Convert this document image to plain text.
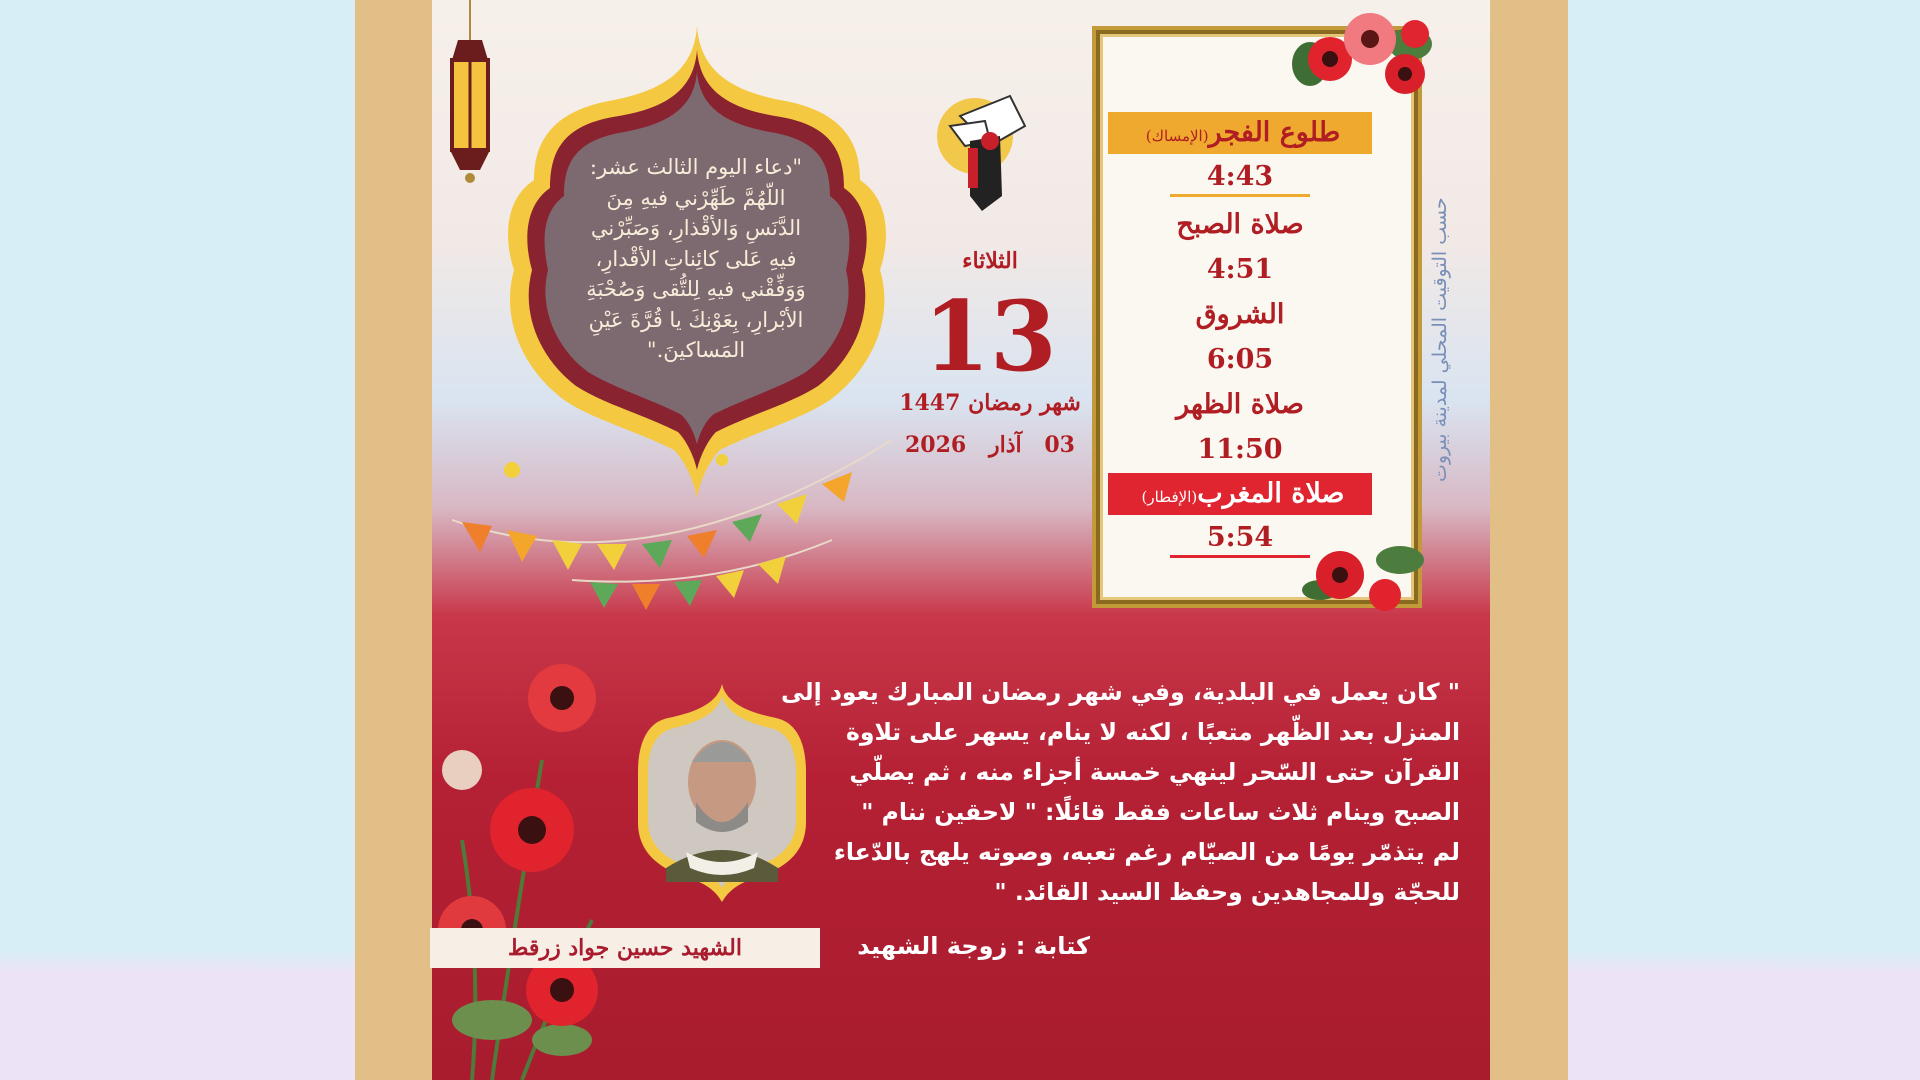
حسب التوقيت المحلي لمدينة بيروت
طلوع الفجر(الإمساك)
4:43
صلاة الصبح
4:51
الشروق
6:05
صلاة الظهر
11:50
صلاة المغرب(الإفطار)
5:54
الثلاثاء
13
شهر رمضان 1447
2026 آذار 03
"دعاء اليوم الثالث عشر:
اللّهُمَّ طَهِّرْني فيهِ مِنَ
الدَّنَسِ وَالأقْذارِ، وَصَبِّرْني
فيهِ عَلى كائِناتِ الأقْدارِ،
وَوَفِّقْني فيهِ لِلتُّقى وَصُحْبَةِ
الأبْرارِ، بِعَوْنِكَ يا قُرَّةَ عَيْنِ
المَساكينَ."
الشهيد حسين جواد زرقط
" كان يعمل في البلدية، وفي شهر رمضان المبارك يعود إلى
المنزل بعد الظّهر متعبًا ، لكنه لا ينام، يسهر على تلاوة
القرآن حتى السّحر لينهي خمسة أجزاء منه ، ثم يصلّي
الصبح وينام ثلاث ساعات فقط قائلًا: " لاحقين ننام "
لم يتذمّر يومًا من الصيّام رغم تعبه، وصوته يلهج بالدّعاء
للحجّة وللمجاهدين وحفظ السيد القائد. "
كتابة : زوجة الشهيد
